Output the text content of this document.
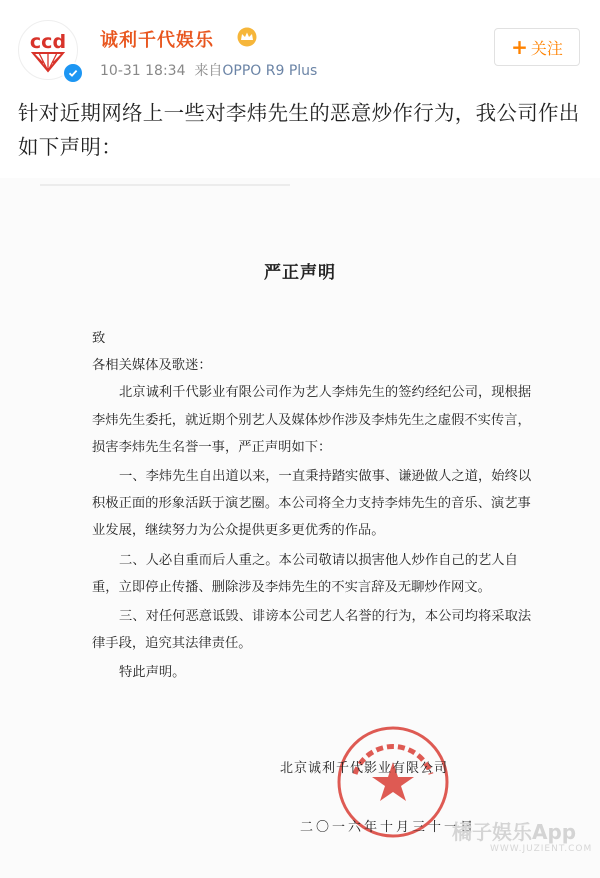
ccd 诚利千代娱乐
10-31 18:34 来自OPPO R9 Plus
+ 关注
针对近期网络上一些对李炜先生的恶意炒作行为，我公司作出如下声明：
严正声明

致

各相关媒体及歌迷：

北京诚利千代影业有限公司作为艺人李炜先生的签约经纪公司，现根据李炜先生委托，就近期个别艺人及媒体炒作涉及李炜先生之虚假不实传言，损害李炜先生名誉一事，严正声明如下：

一、李炜先生自出道以来，一直秉持踏实做事、谦逊做人之道，始终以积极正面的形象活跃于演艺圈。本公司将全力支持李炜先生的音乐、演艺事业发展，继续努力为公众提供更多更优秀的作品。

二、人必自重而后人重之。本公司敬请以损害他人炒作自己的艺人自重，立即停止传播、删除涉及李炜先生的不实言辞及无聊炒作网文。

三、对任何恶意诋毁、诽谤本公司艺人名誉的行为，本公司均将采取法律手段，追究其法律责任。

特此声明。

北京诚利千代影业有限公司
二〇一六年十月三十一日
橘子娱乐App
WWW.JUZIENT.COM
